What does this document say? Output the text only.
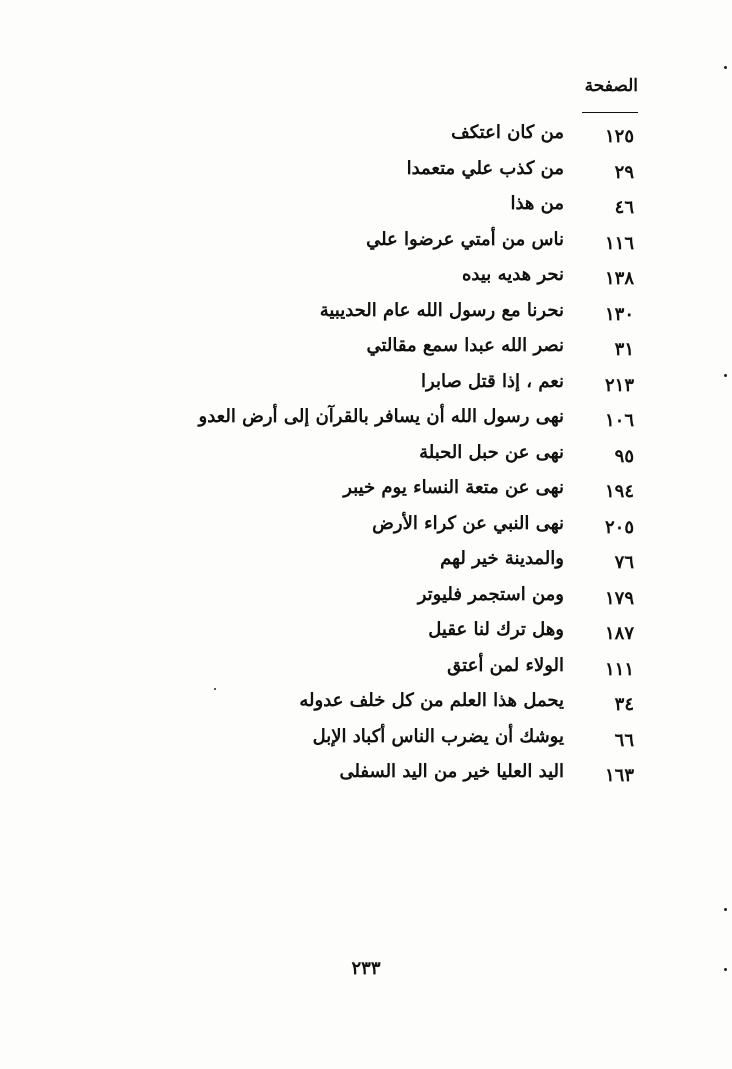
الصفحة
١٢٥
من كان اعتكف
٢٩
من كذب علي متعمدا
٤٦
من هذا
١١٦
ناس من أمتي عرضوا علي
١٣٨
نحر هديه بيده
١٣٠
نحرنا مع رسول الله عام الحديبية
٣١
نصر الله عبدا سمع مقالتي
٢١٣
نعم ، إذا قتل صابرا
١٠٦
نهى رسول الله أن يسافر بالقرآن إلى أرض العدو
٩٥
نهى عن حبل الحبلة
١٩٤
نهى عن متعة النساء يوم خيبر
٢٠٥
نهى النبي عن كراء الأرض
٧٦
والمدينة خير لهم
١٧٩
ومن استجمر فليوتر
١٨٧
وهل ترك لنا عقيل
١١١
الولاء لمن أعتق
٣٤
يحمل هذا العلم من كل خلف عدوله
٦٦
يوشك أن يضرب الناس أكباد الإبل
١٦٣
اليد العليا خير من اليد السفلى
٢٣٣
